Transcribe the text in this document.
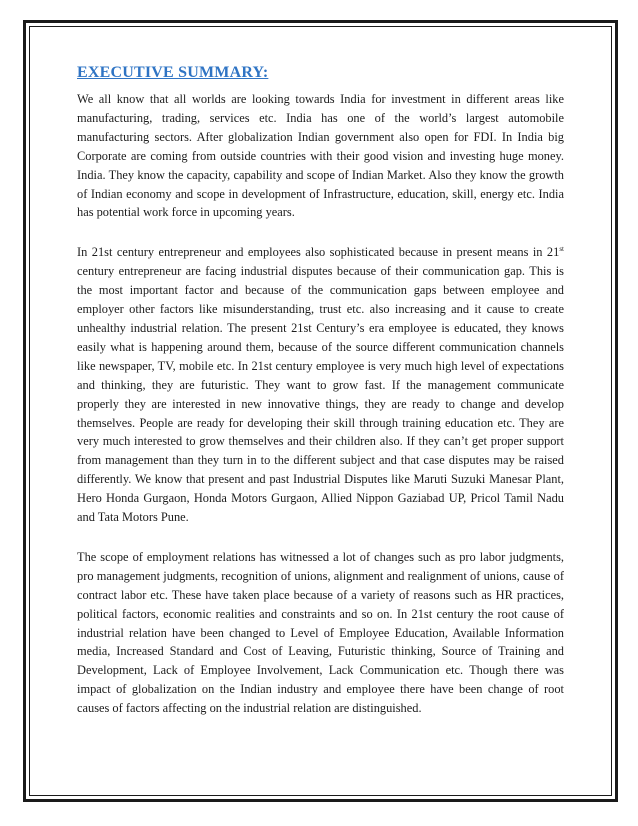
EXECUTIVE SUMMARY:

We all know that all worlds are looking towards India for investment in different areas like manufacturing, trading, services etc. India has one of the world’s largest automobile manufacturing sectors. After globalization Indian government also open for FDI. In India big Corporate are coming from outside countries with their good vision and investing huge money. India. They know the capacity, capability and scope of Indian Market. Also they know the growth of Indian economy and scope in development of Infrastructure, education, skill, energy etc. India has potential work force in upcoming years.

In 21st century entrepreneur and employees also sophisticated because in present means in 21st century entrepreneur are facing industrial disputes because of their communication gap. This is the most important factor and because of the communication gaps between employee and employer other factors like misunderstanding, trust etc. also increasing and it cause to create unhealthy industrial relation. The present 21st Century’s era employee is educated, they knows easily what is happening around them, because of the source different communication channels like newspaper, TV, mobile etc. In 21st century employee is very much high level of expectations and thinking, they are futuristic. They want to grow fast. If the management communicate properly they are interested in new innovative things, they are ready to change and develop themselves. People are ready for developing their skill through training education etc. They are very much interested to grow themselves and their children also. If they can’t get proper support from management than they turn in to the different subject and that case disputes may be raised differently. We know that present and past Industrial Disputes like Maruti Suzuki Manesar Plant, Hero Honda Gurgaon, Honda Motors Gurgaon, Allied Nippon Gaziabad UP, Pricol Tamil Nadu and Tata Motors Pune.

The scope of employment relations has witnessed a lot of changes such as pro labor judgments, pro management judgments, recognition of unions, alignment and realignment of unions, cause of contract labor etc. These have taken place because of a variety of reasons such as HR practices, political factors, economic realities and constraints and so on. In 21st century the root cause of industrial relation have been changed to Level of Employee Education, Available Information media, Increased Standard and Cost of Leaving, Futuristic thinking, Source of Training and Development, Lack of Employee Involvement, Lack Communication etc. Though there was impact of globalization on the Indian industry and employee there have been change of root causes of factors affecting on the industrial relation are distinguished.
